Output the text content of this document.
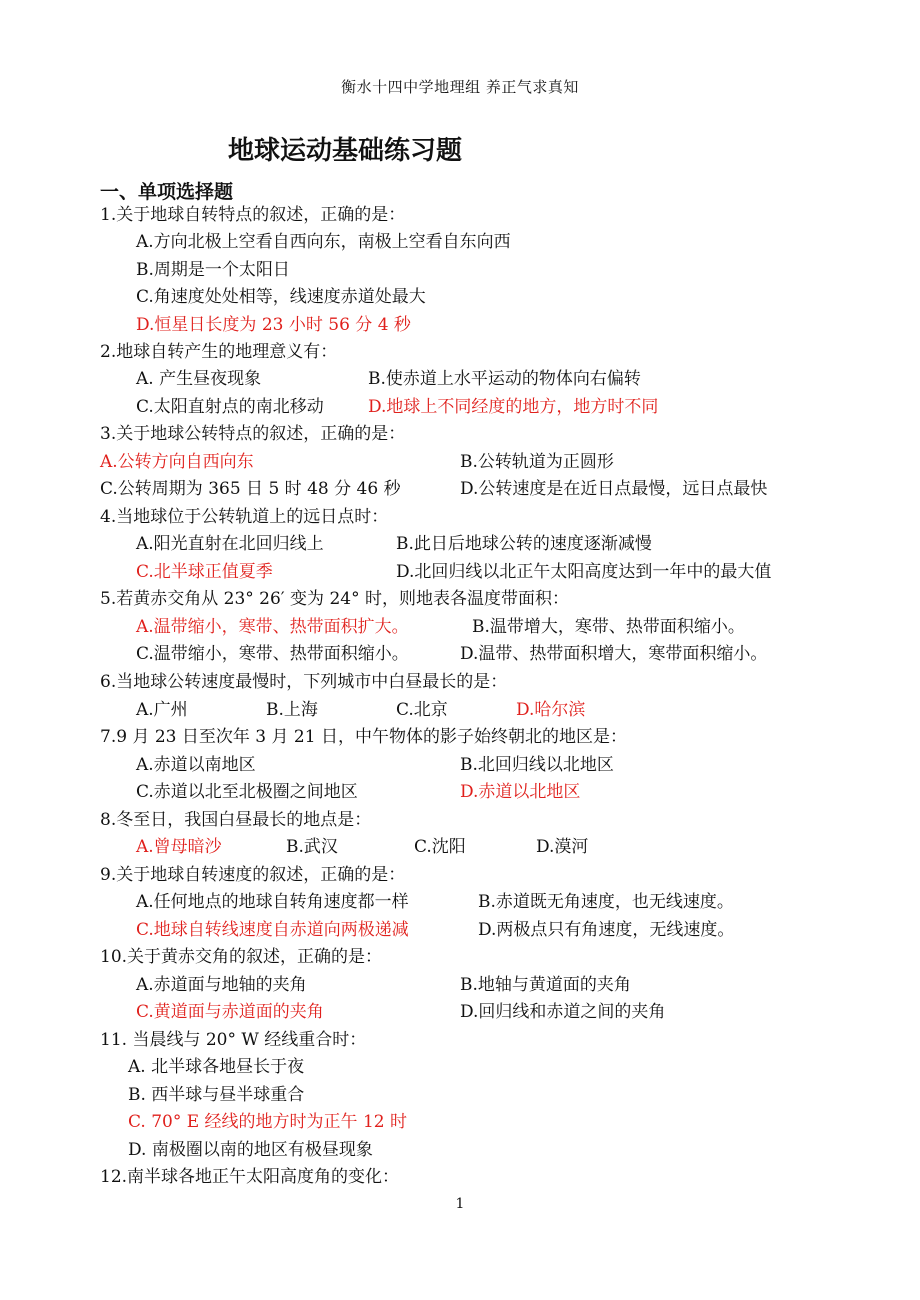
衡水十四中学地理组 养正气求真知
地球运动基础练习题
一、单项选择题
1.关于地球自转特点的叙述，正确的是：
A.方向北极上空看自西向东，南极上空看自东向西
B.周期是一个太阳日
C.角速度处处相等，线速度赤道处最大
D.恒星日长度为 23 小时 56 分 4 秒
2.地球自转产生的地理意义有：
A. 产生昼夜现象	B.使赤道上水平运动的物体向右偏转
C.太阳直射点的南北移动	D.地球上不同经度的地方，地方时不同
3.关于地球公转特点的叙述，正确的是：
A.公转方向自西向东	B.公转轨道为正圆形
C.公转周期为 365 日 5 时 48 分 46 秒	D.公转速度是在近日点最慢，远日点最快
4.当地球位于公转轨道上的远日点时：
A.阳光直射在北回归线上	B.此日后地球公转的速度逐渐减慢
C.北半球正值夏季	D.北回归线以北正午太阳高度达到一年中的最大值
5.若黄赤交角从 23° 26′ 变为 24° 时，则地表各温度带面积：
A.温带缩小，寒带、热带面积扩大。	B.温带增大，寒带、热带面积缩小。
C.温带缩小，寒带、热带面积缩小。	D.温带、热带面积增大，寒带面积缩小。
6.当地球公转速度最慢时，下列城市中白昼最长的是：
A.广州	B.上海	C.北京	D.哈尔滨
7.9 月 23 日至次年 3 月 21 日，中午物体的影子始终朝北的地区是：
A.赤道以南地区	B.北回归线以北地区
C.赤道以北至北极圈之间地区	D.赤道以北地区
8.冬至日，我国白昼最长的地点是：
A.曾母暗沙	B.武汉	C.沈阳	D.漠河
9.关于地球自转速度的叙述，正确的是：
A.任何地点的地球自转角速度都一样	B.赤道既无角速度，也无线速度。
C.地球自转线速度自赤道向两极递减	D.两极点只有角速度，无线速度。
10.关于黄赤交角的叙述，正确的是：
A.赤道面与地轴的夹角	B.地轴与黄道面的夹角
C.黄道面与赤道面的夹角	D.回归线和赤道之间的夹角
11. 当晨线与 20° W 经线重合时：
A. 北半球各地昼长于夜
B. 西半球与昼半球重合
C. 70° E 经线的地方时为正午 12 时
D. 南极圈以南的地区有极昼现象
12.南半球各地正午太阳高度角的变化：
1
